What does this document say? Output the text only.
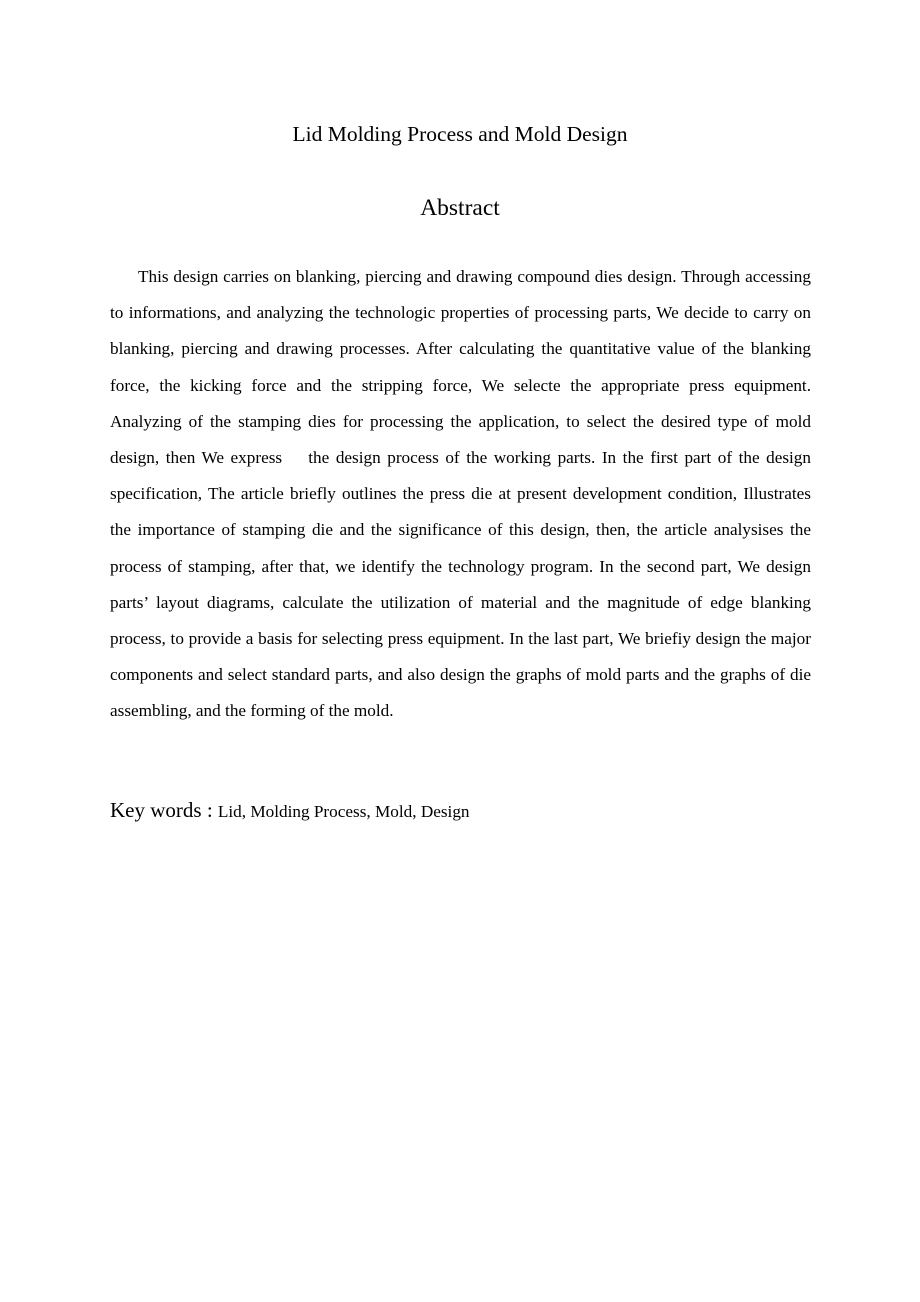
Lid Molding Process and Mold Design
Abstract

This design carries on blanking, piercing and drawing compound dies design. Through accessing to informations, and analyzing the technologic properties of processing parts, We decide to carry on blanking, piercing and drawing processes. After calculating the quantitative value of the blanking force, the kicking force and the stripping force, We selecte the appropriate press equipment. Analyzing of the stamping dies for processing the application, to select the desired type of mold design, then We express    the design process of the working parts. In the first part of the design specification, The article briefly outlines the press die at present development condition, Illustrates the importance of stamping die and the significance of this design, then, the article analysises the process of stamping, after that, we identify the technology program. In the second part, We design parts’ layout diagrams, calculate the utilization of material and the magnitude of edge blanking process, to provide a basis for selecting press equipment. In the last part, We briefiy design the major components and select standard parts, and also design the graphs of mold parts and the graphs of die assembling, and the forming of the mold.

Key words : Lid, Molding Process, Mold, Design
